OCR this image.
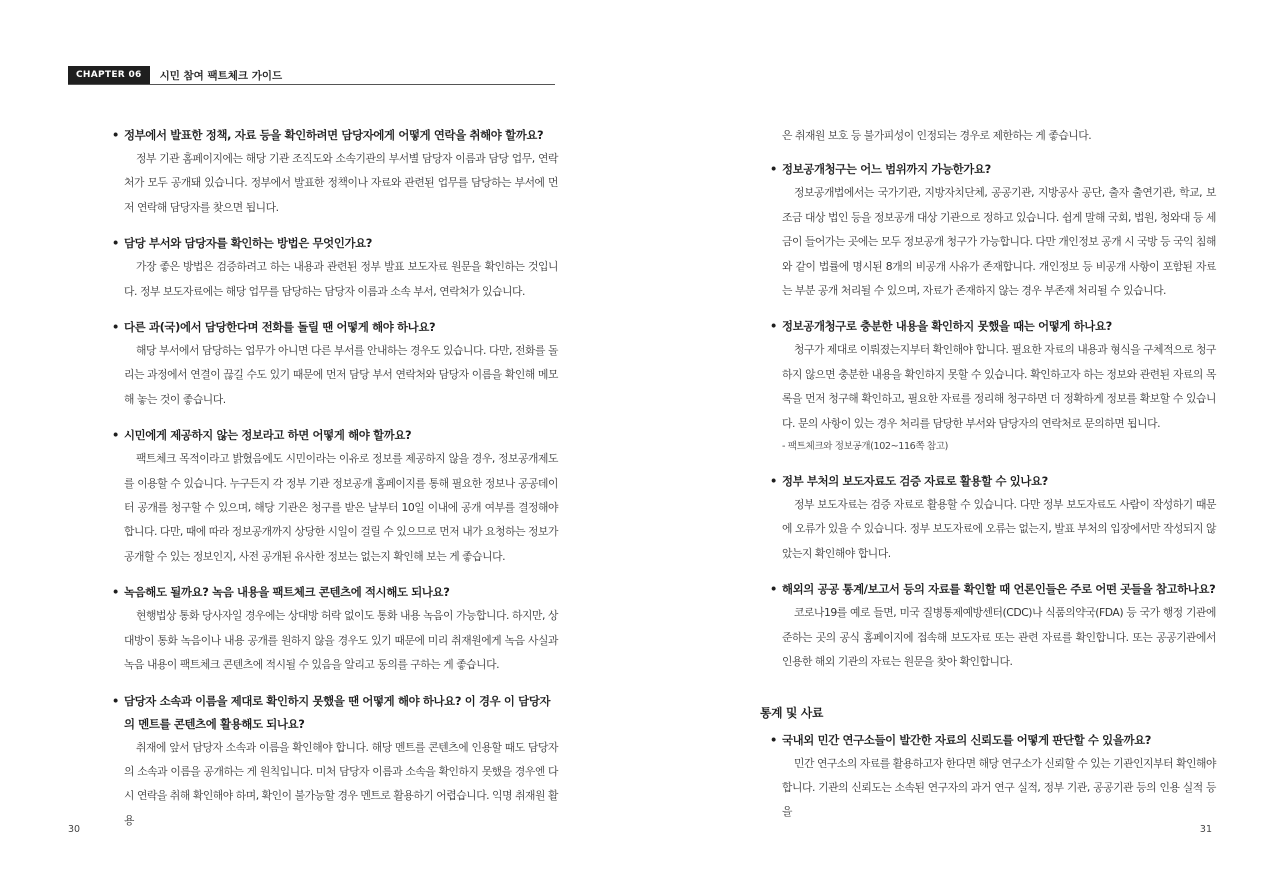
CHAPTER 06	시민 참여 팩트체크 가이드
• 정부에서 발표한 정책, 자료 등을 확인하려면 담당자에게 어떻게 연락을 취해야 할까요?
정부 기관 홈페이지에는 해당 기관 조직도와 소속기관의 부서별 담당자 이름과 담당 업무, 연락처가 모두 공개돼 있습니다. 정부에서 발표한 정책이나 자료와 관련된 업무를 담당하는 부서에 먼저 연락해 담당자를 찾으면 됩니다.
• 담당 부서와 담당자를 확인하는 방법은 무엇인가요?
가장 좋은 방법은 검증하려고 하는 내용과 관련된 정부 발표 보도자료 원문을 확인하는 것입니다. 정부 보도자료에는 해당 업무를 담당하는 담당자 이름과 소속 부서, 연락처가 있습니다.
• 다른 과(국)에서 담당한다며 전화를 돌릴 땐 어떻게 해야 하나요?
해당 부서에서 담당하는 업무가 아니면 다른 부서를 안내하는 경우도 있습니다. 다만, 전화를 돌리는 과정에서 연결이 끊길 수도 있기 때문에 먼저 담당 부서 연락처와 담당자 이름을 확인해 메모해 놓는 것이 좋습니다.
• 시민에게 제공하지 않는 정보라고 하면 어떻게 해야 할까요?
팩트체크 목적이라고 밝혔음에도 시민이라는 이유로 정보를 제공하지 않을 경우, 정보공개제도를 이용할 수 있습니다. 누구든지 각 정부 기관 정보공개 홈페이지를 통해 필요한 정보나 공공데이터 공개를 청구할 수 있으며, 해당 기관은 청구를 받은 날부터 10일 이내에 공개 여부를 결정해야 합니다. 다만, 때에 따라 정보공개까지 상당한 시일이 걸릴 수 있으므로 먼저 내가 요청하는 정보가 공개할 수 있는 정보인지, 사전 공개된 유사한 정보는 없는지 확인해 보는 게 좋습니다.
• 녹음해도 될까요? 녹음 내용을 팩트체크 콘텐츠에 적시해도 되나요?
현행법상 통화 당사자일 경우에는 상대방 허락 없이도 통화 내용 녹음이 가능합니다. 하지만, 상대방이 통화 녹음이나 내용 공개를 원하지 않을 경우도 있기 때문에 미리 취재원에게 녹음 사실과 녹음 내용이 팩트체크 콘텐츠에 적시될 수 있음을 알리고 동의를 구하는 게 좋습니다.
• 담당자 소속과 이름을 제대로 확인하지 못했을 땐 어떻게 해야 하나요? 이 경우 이 담당자의 멘트를 콘텐츠에 활용해도 되나요?
취재에 앞서 담당자 소속과 이름을 확인해야 합니다. 해당 멘트를 콘텐츠에 인용할 때도 담당자의 소속과 이름을 공개하는 게 원칙입니다. 미처 담당자 이름과 소속을 확인하지 못했을 경우엔 다시 연락을 취해 확인해야 하며, 확인이 불가능할 경우 멘트로 활용하기 어렵습니다. 익명 취재원 활용
30
은 취재원 보호 등 불가피성이 인정되는 경우로 제한하는 게 좋습니다.
• 정보공개청구는 어느 범위까지 가능한가요?
정보공개법에서는 국가기관, 지방자치단체, 공공기관, 지방공사 공단, 출자 출연기관, 학교, 보조금 대상 법인 등을 정보공개 대상 기관으로 정하고 있습니다. 쉽게 말해 국회, 법원, 청와대 등 세금이 들어가는 곳에는 모두 정보공개 청구가 가능합니다. 다만 개인정보 공개 시 국방 등 국익 침해와 같이 법률에 명시된 8개의 비공개 사유가 존재합니다. 개인정보 등 비공개 사항이 포함된 자료는 부분 공개 처리될 수 있으며, 자료가 존재하지 않는 경우 부존재 처리될 수 있습니다.
• 정보공개청구로 충분한 내용을 확인하지 못했을 때는 어떻게 하나요?
청구가 제대로 이뤄졌는지부터 확인해야 합니다. 필요한 자료의 내용과 형식을 구체적으로 청구하지 않으면 충분한 내용을 확인하지 못할 수 있습니다. 확인하고자 하는 정보와 관련된 자료의 목록을 먼저 청구해 확인하고, 필요한 자료를 정리해 청구하면 더 정확하게 정보를 확보할 수 있습니다. 문의 사항이 있는 경우 처리를 담당한 부서와 담당자의 연락처로 문의하면 됩니다.
- 팩트체크와 정보공개(102~116쪽 참고)
• 정부 부처의 보도자료도 검증 자료로 활용할 수 있나요?
정부 보도자료는 검증 자료로 활용할 수 있습니다. 다만 정부 보도자료도 사람이 작성하기 때문에 오류가 있을 수 있습니다. 정부 보도자료에 오류는 없는지, 발표 부처의 입장에서만 작성되지 않았는지 확인해야 합니다.
• 해외의 공공 통계/보고서 등의 자료를 확인할 때 언론인들은 주로 어떤 곳들을 참고하나요?
코로나19를 예로 들면, 미국 질병통제예방센터(CDC)나 식품의약국(FDA) 등 국가 행정 기관에 준하는 곳의 공식 홈페이지에 접속해 보도자료 또는 관련 자료를 확인합니다. 또는 공공기관에서 인용한 해외 기관의 자료는 원문을 찾아 확인합니다.
통계 및 사료
• 국내외 민간 연구소들이 발간한 자료의 신뢰도를 어떻게 판단할 수 있을까요?
민간 연구소의 자료를 활용하고자 한다면 해당 연구소가 신뢰할 수 있는 기관인지부터 확인해야 합니다. 기관의 신뢰도는 소속된 연구자의 과거 연구 실적, 정부 기관, 공공기관 등의 인용 실적 등을
31
